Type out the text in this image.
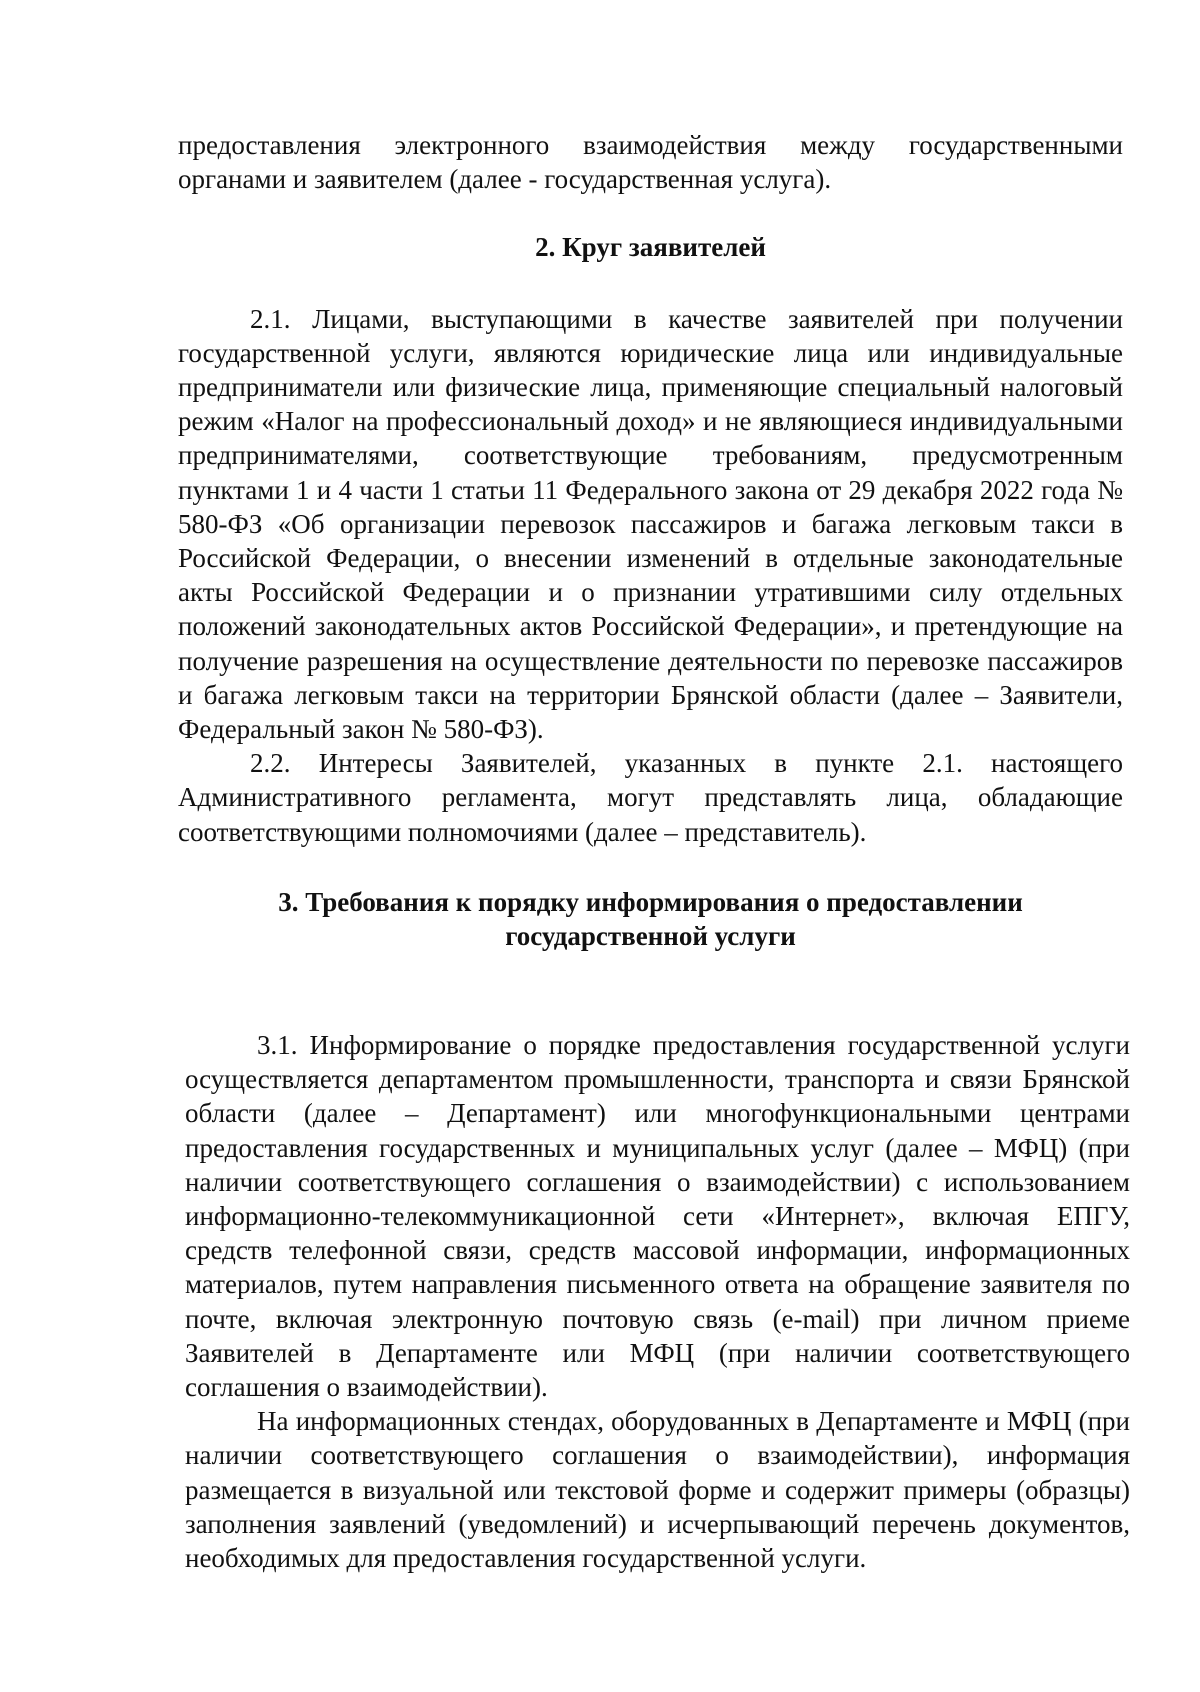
предоставления электронного взаимодействия между государственными органами и заявителем (далее - государственная услуга).

2. Круг заявителей

2.1. Лицами, выступающими в качестве заявителей при получении государственной услуги, являются юридические лица или индивидуальные предприниматели или физические лица, применяющие специальный налоговый режим «Налог на профессиональный доход» и не являющиеся индивидуальными предпринимателями, соответствующие требованиям, предусмотренным пунктами 1 и 4 части 1 статьи 11 Федерального закона от 29 декабря 2022 года № 580-ФЗ «Об организации перевозок пассажиров и багажа легковым такси в Российской Федерации, о внесении изменений в отдельные законодательные акты Российской Федерации и о признании утратившими силу отдельных положений законодательных актов Российской Федерации», и претендующие на получение разрешения на осуществление деятельности по перевозке пассажиров и багажа легковым такси на территории Брянской области (далее – Заявители, Федеральный закон № 580-ФЗ).

2.2. Интересы Заявителей, указанных в пункте 2.1. настоящего Административного регламента, могут представлять лица, обладающие соответствующими полномочиями (далее – представитель).

3. Требования к порядку информирования о предоставлении
государственной услуги

3.1. Информирование о порядке предоставления государственной услуги осуществляется департаментом промышленности, транспорта и связи Брянской области (далее – Департамент) или многофункциональными центрами предоставления государственных и муниципальных услуг (далее – МФЦ) (при наличии соответствующего соглашения о взаимодействии) с использованием информационно-телекоммуникационной сети «Интернет», включая ЕПГУ, средств телефонной связи, средств массовой информации, информационных материалов, путем направления письменного ответа на обращение заявителя по почте, включая электронную почтовую связь (e-mail) при личном приеме Заявителей в Департаменте или МФЦ (при наличии соответствующего соглашения о взаимодействии).

На информационных стендах, оборудованных в Департаменте и МФЦ (при наличии соответствующего соглашения о взаимодействии), информация размещается в визуальной или текстовой форме и содержит примеры (образцы) заполнения заявлений (уведомлений) и исчерпывающий перечень документов, необходимых для предоставления государственной услуги.
